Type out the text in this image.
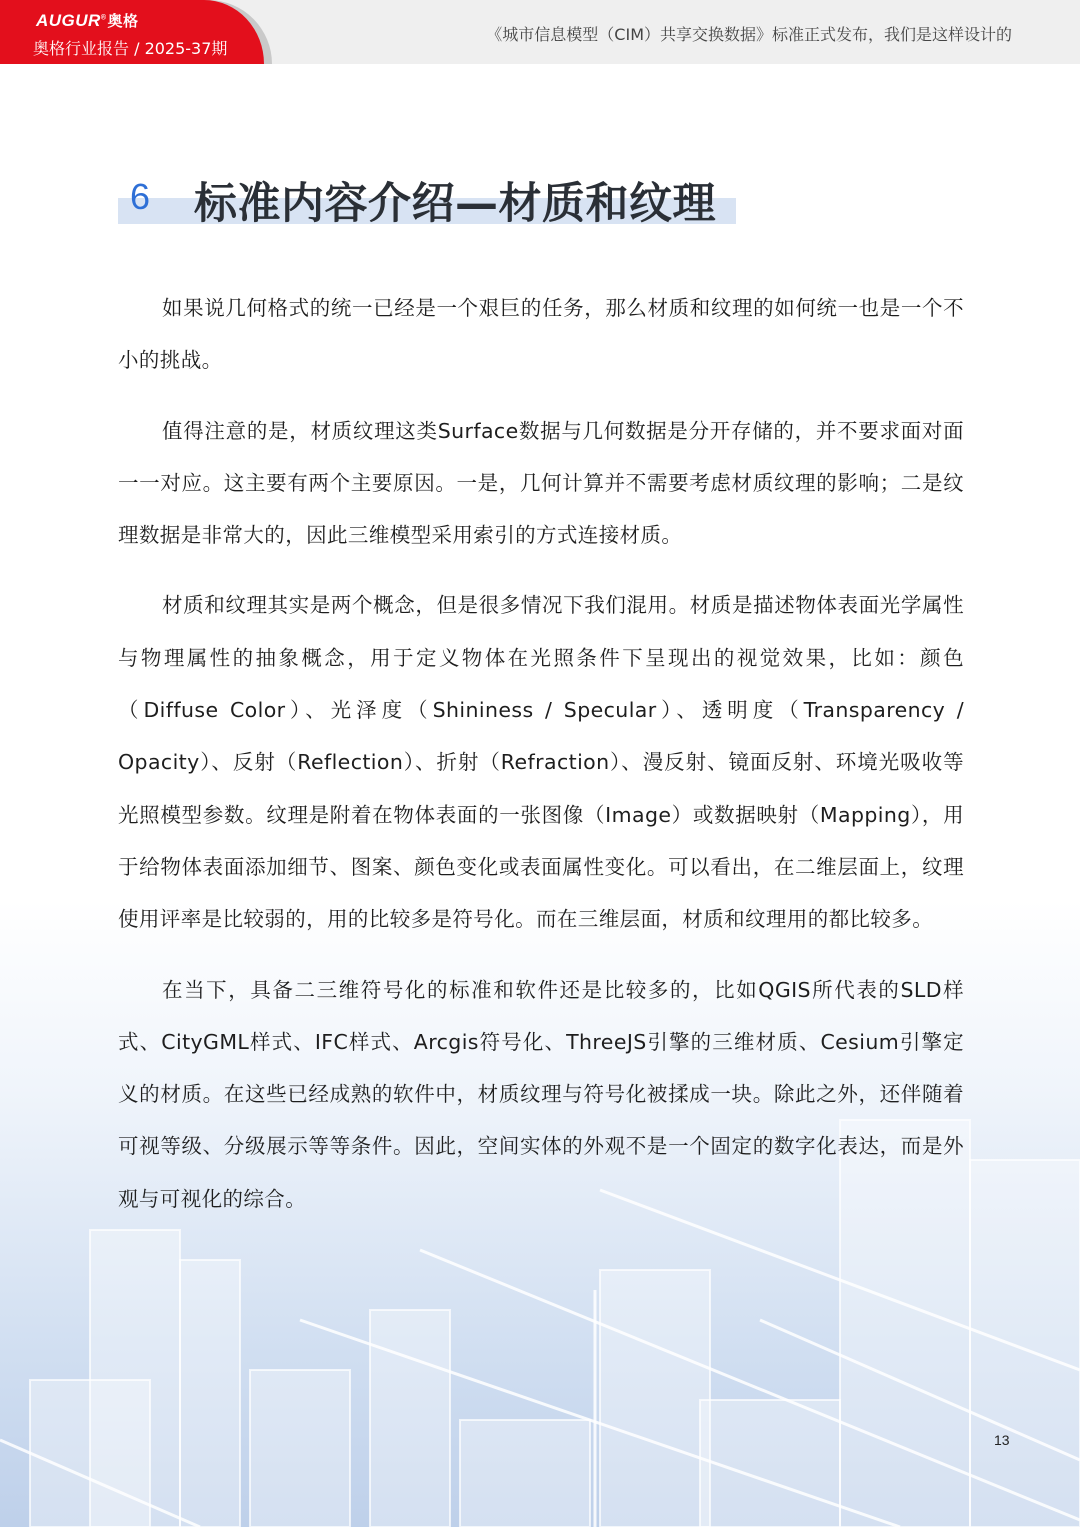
AUGUR®奥格
奥格行业报告 / 2025-37期
《城市信息模型（CIM）共享交换数据》标准正式发布，我们是这样设计的
6 标准内容介绍—材质和纹理

如果说几何格式的统一已经是一个艰巨的任务，那么材质和纹理的如何统一也是一个不小的挑战。

值得注意的是，材质纹理这类Surface数据与几何数据是分开存储的，并不要求面对面一一对应。这主要有两个主要原因。一是，几何计算并不需要考虑材质纹理的影响；二是纹理数据是非常大的，因此三维模型采用索引的方式连接材质。

材质和纹理其实是两个概念，但是很多情况下我们混用。材质是描述物体表面光学属性与物理属性的抽象概念，用于定义物体在光照条件下呈现出的视觉效果，比如：颜色（Diffuse Color）、光泽度（Shininess / Specular）、透明度（Transparency / Opacity）、反射（Reflection）、折射（Refraction）、漫反射、镜面反射、环境光吸收等光照模型参数。纹理是附着在物体表面的一张图像（Image）或数据映射（Mapping），用于给物体表面添加细节、图案、颜色变化或表面属性变化。可以看出，在二维层面上，纹理使用评率是比较弱的，用的比较多是符号化。而在三维层面，材质和纹理用的都比较多。

在当下，具备二三维符号化的标准和软件还是比较多的，比如QGIS所代表的SLD样式、CityGML样式、IFC样式、Arcgis符号化、ThreeJS引擎的三维材质、Cesium引擎定义的材质。在这些已经成熟的软件中，材质纹理与符号化被揉成一块。除此之外，还伴随着可视等级、分级展示等等条件。因此，空间实体的外观不是一个固定的数字化表达，而是外观与可视化的综合。

13
